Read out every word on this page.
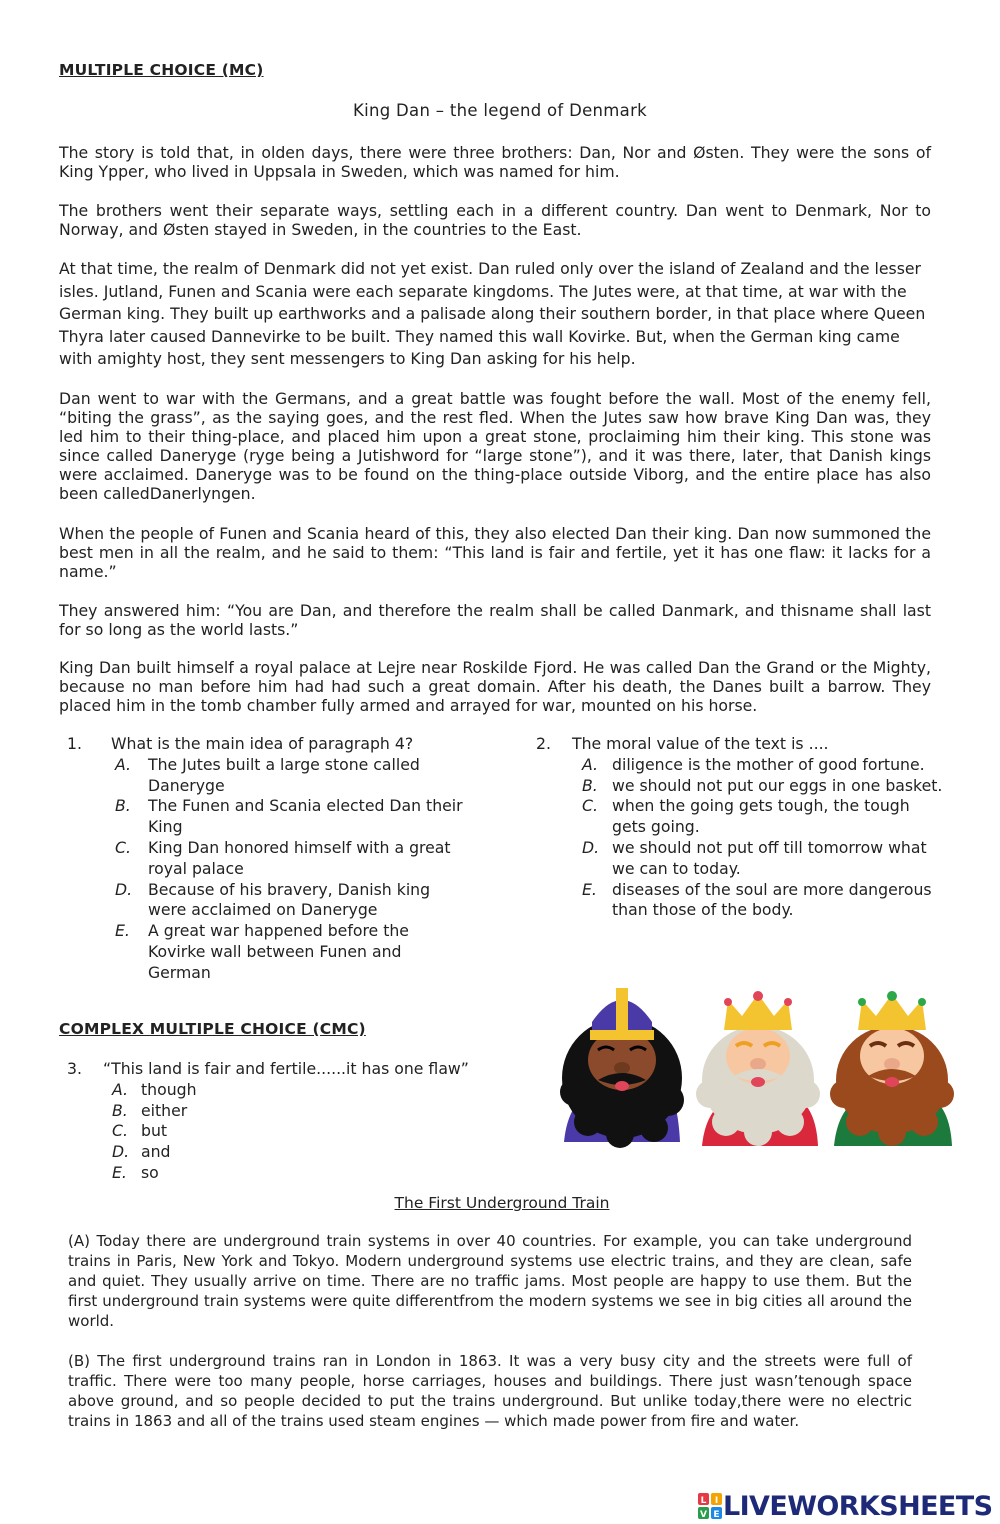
MULTIPLE CHOICE (MC)
King Dan – the legend of Denmark

The story is told that, in olden days, there were three brothers: Dan, Nor and Østen. They were the sons of King Ypper, who lived in Uppsala in Sweden, which was named for him.

The brothers went their separate ways, settling each in a different country. Dan went to Denmark, Nor to Norway, and Østen stayed in Sweden, in the countries to the East.

At that time, the realm of Denmark did not yet exist. Dan ruled only over the island of Zealand and the lesser isles. Jutland, Funen and Scania were each separate kingdoms. The Jutes were, at that time, at war with the German king. They built up earthworks and a palisade along their southern border, in that place where Queen Thyra later caused Dannevirke to be built. They named this wall Kovirke. But, when the German king came with amighty host, they sent messengers to King Dan asking for his help.

Dan went to war with the Germans, and a great battle was fought before the wall. Most of the enemy fell, “biting the grass”, as the saying goes, and the rest fled. When the Jutes saw how brave King Dan was, they led him to their thing-place, and placed him upon a great stone, proclaiming him their king. This stone was since called Daneryge (ryge being a Jutishword for “large stone”), and it was there, later, that Danish kings were acclaimed. Daneryge was to be found on the thing-place outside Viborg, and the entire place has also been calledDanerlyngen.

When the people of Funen and Scania heard of this, they also elected Dan their king. Dan now summoned the best men in all the realm, and he said to them: “This land is fair and fertile, yet it has one flaw: it lacks for a name.”

They answered him: “You are Dan, and therefore the realm shall be called Danmark, and thisname shall last for so long as the world lasts.”

King Dan built himself a royal palace at Lejre near Roskilde Fjord. He was called Dan the Grand or the Mighty, because no man before him had had such a great domain. After his death, the Danes built a barrow. They placed him in the tomb chamber fully armed and arrayed for war, mounted on his horse.

1.	What is the main idea of paragraph 4?
A.	The Jutes built a large stone called Daneryge
B.	The Funen and Scania elected Dan their King
C.	King Dan honored himself with a great royal palace
D.	Because of his bravery, Danish king were acclaimed on Daneryge
E.	A great war happened before the Kovirke wall between Funen and German
2.	The moral value of the text is ....
A. diligence is the mother of good fortune.
B. we should not put our eggs in one basket.
C. when the going gets tough, the tough gets going.
D. we should not put off till tomorrow what we can to today.
E. diseases of the soul are more dangerous than those of the body.
COMPLEX MULTIPLE CHOICE (CMC)
3.	“This land is fair and fertile......it has one flaw”
A. though
B. either
C. but
D. and
E. so
The First Underground Train

(A) Today there are underground train systems in over 40 countries. For example, you can take underground trains in Paris, New York and Tokyo. Modern underground systems use electric trains, and they are clean, safe and quiet. They usually arrive on time. There are no traffic jams. Most people are happy to use them. But the first underground train systems were quite differentfrom the modern systems we see in big cities all around the world.

(B) The first underground trains ran in London in 1863. It was a very busy city and the streets were full of traffic. There were too many people, horse carriages, houses and buildings. There just wasn’tenough space above ground, and so people decided to put the trains underground. But unlike today,there were no electric trains in 1863 and all of the trains used steam engines — which made power from fire and water.

L I
V E LIVEWORKSHEETS
